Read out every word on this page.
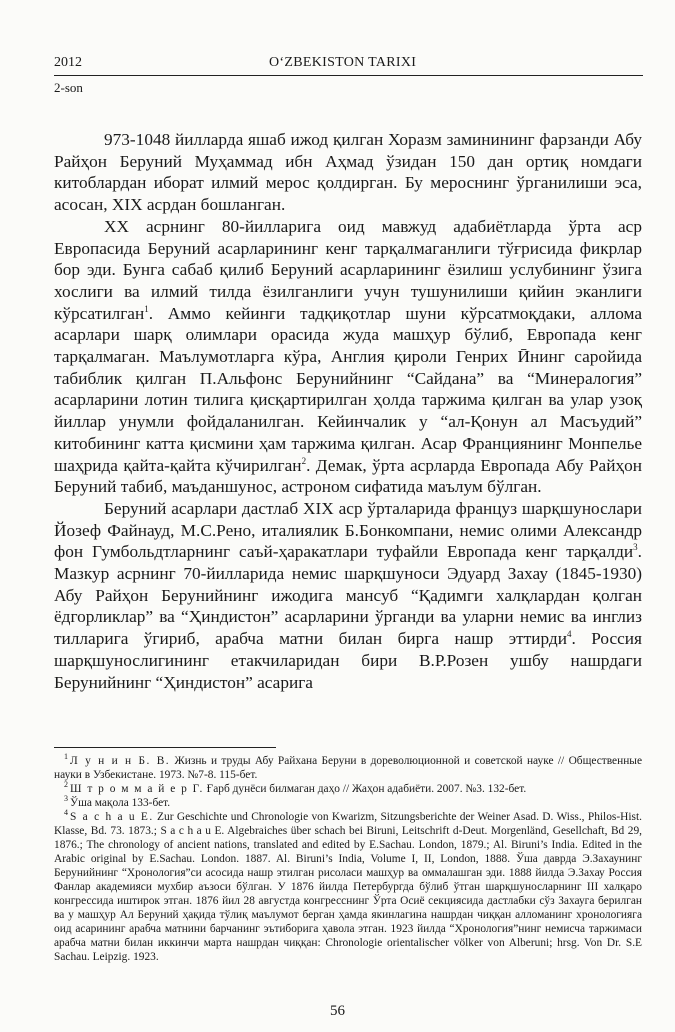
2012	O‘ZBEKISTON TARIXI
2-son

973-1048 йилларда яшаб ижод қилган Хоразм заминининг фарзанди Абу Райҳон Беруний Муҳаммад ибн Аҳмад ўзидан 150 дан ортиқ номдаги китоблардан иборат илмий мерос қолдирган. Бу мероснинг ўрганилиши эса, асосан, XIX асрдан бошланган.

XX асрнинг 80-йилларига оид мавжуд адабиётларда ўрта аср Европасида Беруний асарларининг кенг тарқалмаганлиги тўғрисида фикрлар бор эди. Бунга сабаб қилиб Беруний асарларининг ёзилиш услубининг ўзига хослиги ва илмий тилда ёзилганлиги учун тушунилиши қийин эканлиги кўрсатилган$^1$. Аммо кейинги тадқиқотлар шуни кўрсатмоқдаки, аллома асарлари шарқ олимлари орасида жуда машҳур бўлиб, Европада кенг тарқалмаган. Маълумотларга кўра, Англия қироли Генрих Ӣнинг саройида табиблик қилган П.Альфонс Берунийнинг “Сайдана” ва “Минералогия” асарларини лотин тилига қисқартирилган ҳолда таржима қилган ва улар узоқ йиллар унумли фойдаланилган. Кейинчалик у “ал-Қонун ал Масъудий” китобининг катта қисмини ҳам таржима қилган. Асар Франциянинг Монпелье шаҳрида қайта-қайта кўчирилган$^2$. Демак, ўрта асрларда Европада Абу Райҳон Беруний табиб, маъданшунос, астроном сифатида маълум бўлган.

Беруний асарлари дастлаб XIX аср ўрталарида француз шарқшунослари Йозеф Файнауд, М.С.Рено, италиялик Б.Бонкомпани, немис олими Александр фон Гумбольдтларнинг саъй-ҳаракатлари туфайли Европада кенг тарқалди$^3$. Мазкур асрнинг 70-йилларида немис шарқшуноси Эдуард Захау (1845-1930) Абу Райҳон Берунийнинг ижодига мансуб “Қадимги халқлардан қолган ёдгорликлар” ва “Ҳиндистон” асарларини ўрганди ва уларни немис ва инглиз тилларига ўгириб, арабча матни билан бирга нашр эттирди$^4$. Россия шарқшунослигининг етакчиларидан бири В.Р.Розен ушбу нашрдаги Берунийнинг “Ҳиндистон” асарига

$^1$ Л у н и н Б. В. Жизнь и труды Абу Райхана Беруни в дореволюционной и советской науке // Общественные науки в Узбекистане. 1973. №7-8. 115-бет.

$^2$ Ш т р о м м а й е р Г. Ғарб дунёси билмаган даҳо // Жаҳон адабиёти. 2007. №3. 132-бет.

$^3$ Ўша мақола 133-бет.

$^4$ S a c h a u E. Zur Geschichte und Chronologie von Kwarizm, Sitzungsberichte der Weiner Asad. D. Wiss., Philos-Hist. Klasse, Bd. 73. 1873.; S a c h a u E. Algebraiches über schach bei Biruni, Leitschrift d-Deut. Morgenländ, Gesellchaft, Bd 29, 1876.; The chronology of ancient nations, translated and edited by E.Sachau. London, 1879.; Al. Biruni’s India. Edited in the Arabic original by E.Sachau. London. 1887. Al. Biruni’s India, Volume I, II, London, 1888. Ўша даврда Э.Захаунинг Берунийнинг “Хронология”си асосида нашр этилган рисоласи машҳур ва оммалашган эди. 1888 йилда Э.Захау Россия Фанлар академияси мухбир аъзоси бўлган. У 1876 йилда Петербургда бўлиб ўтган шарқшуносларнинг III халқаро конгрессида иштирок этган. 1876 йил 28 августда конгресснинг Ўрта Осиё секциясида дастлабки сўз Захауга берилган ва у машҳур Ал Беруний ҳақида тўлиқ маълумот берган ҳамда якинлагина нашрдан чиққан алломанинг хронологияга оид асарининг арабча матнини барчанинг эътиборига ҳавола этган. 1923 йилда “Хронология”нинг немисча таржимаси арабча матни билан иккинчи марта нашрдан чиққан: Chronologie orientalischer völker von Alberuni; hrsg. Von Dr. S.E Sachau. Leipzig. 1923.

56
